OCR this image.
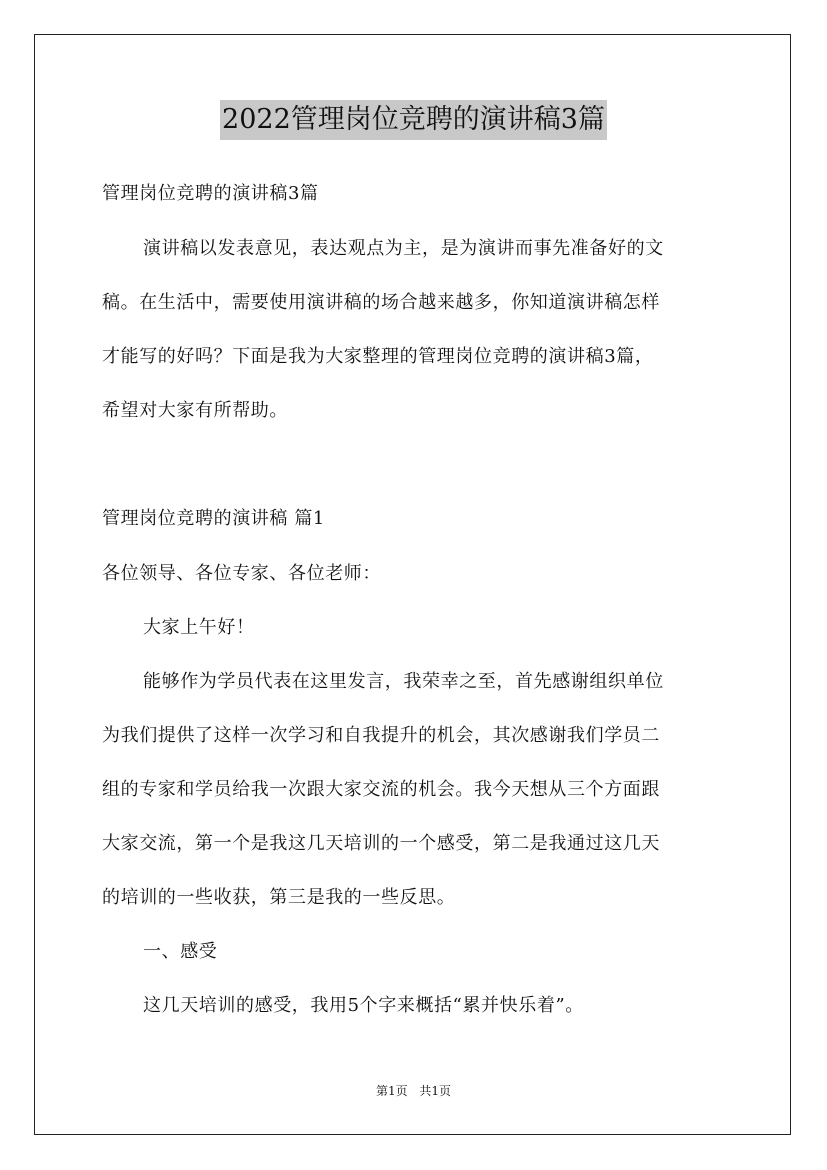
2022管理岗位竞聘的演讲稿3篇
管理岗位竞聘的演讲稿3篇
演讲稿以发表意见，表达观点为主，是为演讲而事先准备好的文
稿。在生活中，需要使用演讲稿的场合越来越多，你知道演讲稿怎样
才能写的好吗？下面是我为大家整理的管理岗位竞聘的演讲稿3篇，
希望对大家有所帮助。
管理岗位竞聘的演讲稿 篇1
各位领导、各位专家、各位老师：
大家上午好！
能够作为学员代表在这里发言，我荣幸之至，首先感谢组织单位
为我们提供了这样一次学习和自我提升的机会，其次感谢我们学员二
组的专家和学员给我一次跟大家交流的机会。我今天想从三个方面跟
大家交流，第一个是我这几天培训的一个感受，第二是我通过这几天
的培训的一些收获，第三是我的一些反思。
一、感受
这几天培训的感受，我用5个字来概括“累并快乐着”。
第1页 共1页
